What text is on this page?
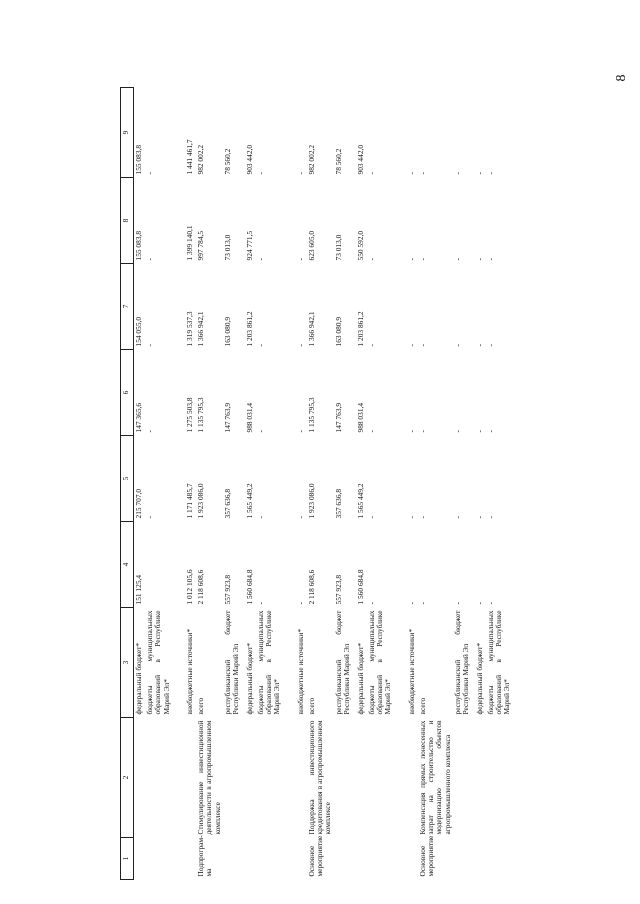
8
1	2	3	4	5	6	7	8	9
		федеральный бюджет*	151 125,4	215 707,0	147 365,6	154 055,0	155 083,8	155 083,8
		бюджеты муниципальных образований в Республике Марий Эл*		-	-	-	-	-
		внебюджетные источники*	1 012 105,6	1 171 485,7	1 275 503,8	1 319 537,3	1 399 140,1	1 441 461,7
Подпрограм-ма	Стимулирование инвестиционной деятельности в агропромышленном комплексе	всего	2 118 608,6	1 923 086,0	1 135 795,3	1 366 942,1	997 784,5	982 002,2
		республиканский бюджет Республики Марий Эл	557 923,8	357 636,8	147 763,9	163 080,9	73 013,0	78 560,2
		федеральный бюджет*	1 560 684,8	1 565 449,2	988 031,4	1 203 861,2	924 771,5	903 442,0
		бюджеты муниципальных образований в Республике Марий Эл*	-	-	-	-	-	-
		внебюджетные источники*	-	-	-	-	-	-
Основное мероприятие	Поддержка инвестиционного кредитования в агропромышленном комплексе	всего	2 118 608,6	1 923 086,0	1 135 795,3	1 366 942,1	623 605,0	982 002,2
		республиканский бюджет Республики Марий Эл	557 923,8	357 636,8	147 763,9	163 080,9	73 013,0	78 560,2
		федеральный бюджет*	1 560 684,8	1 565 449,2	988 031,4	1 203 861,2	550 592,0	903 442,0
		бюджеты муниципальных образований в Республике Марий Эл*	-	-	-	-	-	-
		внебюджетные источники*	-	-	-	-	-	-
Основное мероприятие	Компенсация прямых понесенных затрат на строительство и модернизацию объектов агропромышленного комплекса	всего	-	-	-	-	-	-
		республиканский бюджет Республики Марий Эл	-	-	-	-	-	-
		федеральный бюджет*	-	-	-	-	-	-
		бюджеты муниципальных образований в Республике Марий Эл*	-	-	-	-	-	-
